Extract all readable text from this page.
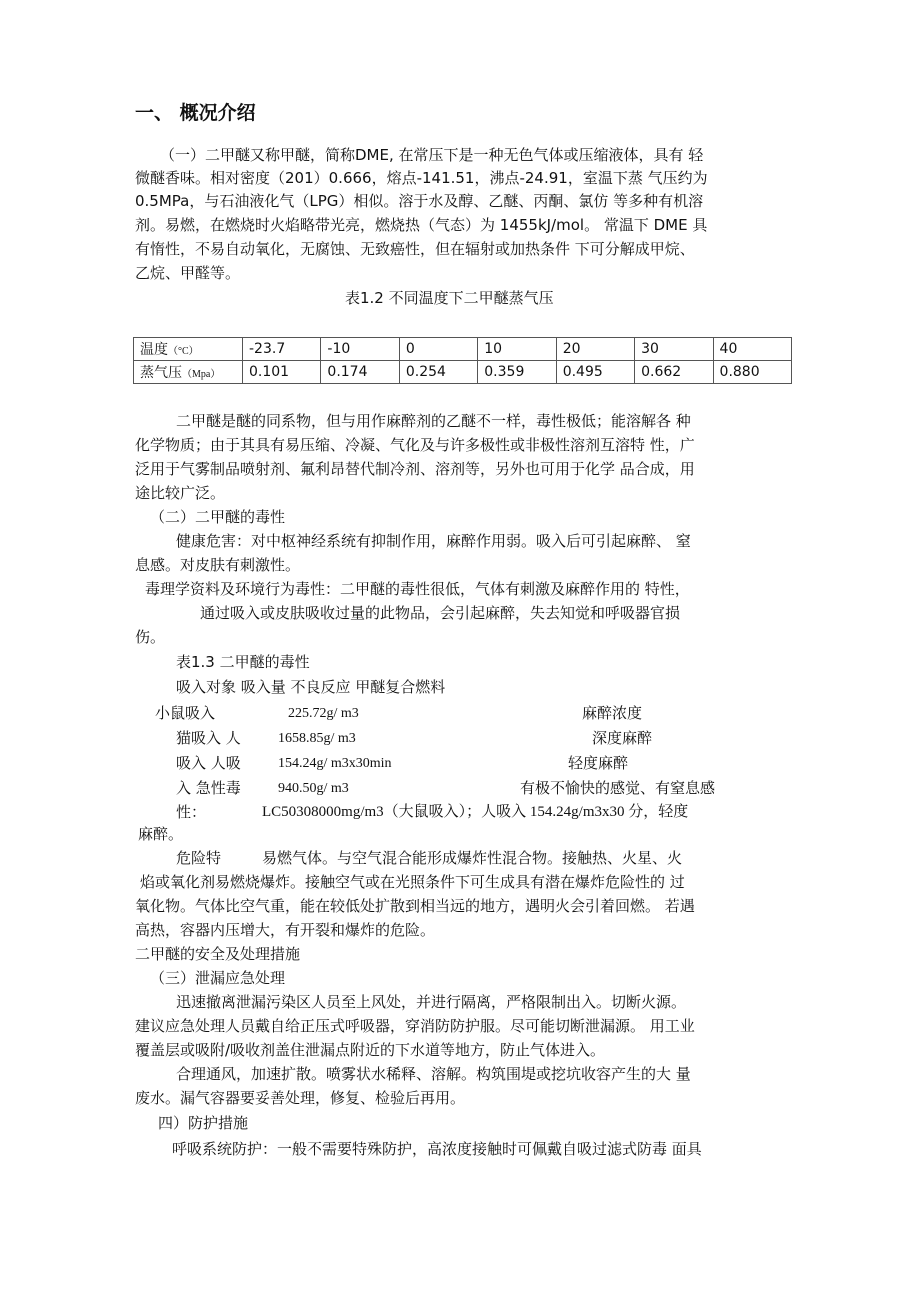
一、 概况介绍
（一）二甲醚又称甲醚，简称DME, 在常压下是一种无色气体或压缩液体，具有 轻
微醚香味。相对密度（201）0.666，熔点-141.51，沸点-24.91，室温下蒸 气压约为
0.5MPa，与石油液化气（LPG）相似。溶于水及醇、乙醚、丙酮、氯仿 等多种有机溶
剂。易燃，在燃烧时火焰略带光亮，燃烧热（气态）为 1455kJ/mol。 常温下 DME 具
有惰性，不易自动氧化，无腐蚀、无致癌性，但在辐射或加热条件 下可分解成甲烷、
乙烷、甲醛等。
表1.2 不同温度下二甲醚蒸气压
温度（°C）	-23.7	-10	0	10	20	30	40
蒸气压（Mpa）	0.101	0.174	0.254	0.359	0.495	0.662	0.880
二甲醚是醚的同系物，但与用作麻醉剂的乙醚不一样，毒性极低；能溶解各 种
化学物质；由于其具有易压缩、冷凝、气化及与许多极性或非极性溶剂互溶特 性，广
泛用于气雾制品喷射剂、氟利昂替代制冷剂、溶剂等，另外也可用于化学 品合成，用
途比较广泛。
（二）二甲醚的毒性
健康危害：对中枢神经系统有抑制作用，麻醉作用弱。吸入后可引起麻醉、 窒
息感。对皮肤有刺激性。
毒理学资料及环境行为毒性：二甲醚的毒性很低，气体有刺激及麻醉作用的 特性，
通过吸入或皮肤吸收过量的此物品，会引起麻醉，失去知觉和呼吸器官损
伤。
表1.3 二甲醚的毒性
吸入对象 吸入量 不良反应 甲醚复合燃料
小鼠吸入	225.72g/ m3	麻醉浓度
猫吸入 人	1658.85g/ m3	深度麻醉
吸入 人吸	154.24g/ m3x30min	轻度麻醉
入 急性毒	940.50g/ m3	有极不愉快的感觉、有窒息感
性：	LC50308000mg/m3（大鼠吸入）；人吸入 154.24g/m3x30 分，轻度
麻醉。
危险特	易燃气体。与空气混合能形成爆炸性混合物。接触热、火星、火
焰或氧化剂易燃烧爆炸。接触空气或在光照条件下可生成具有潜在爆炸危险性的 过
氧化物。气体比空气重，能在较低处扩散到相当远的地方，遇明火会引着回燃。 若遇
高热，容器内压增大，有开裂和爆炸的危险。
二甲醚的安全及处理措施
（三）泄漏应急处理
迅速撤离泄漏污染区人员至上风处，并进行隔离，严格限制出入。切断火源。
建议应急处理人员戴自给正压式呼吸器，穿消防防护服。尽可能切断泄漏源。 用工业
覆盖层或吸附/吸收剂盖住泄漏点附近的下水道等地方，防止气体进入。
合理通风，加速扩散。喷雾状水稀释、溶解。构筑围堤或挖坑收容产生的大 量
废水。漏气容器要妥善处理，修复、检验后再用。
四）防护措施
呼吸系统防护：一般不需要特殊防护，高浓度接触时可佩戴自吸过滤式防毒 面具
